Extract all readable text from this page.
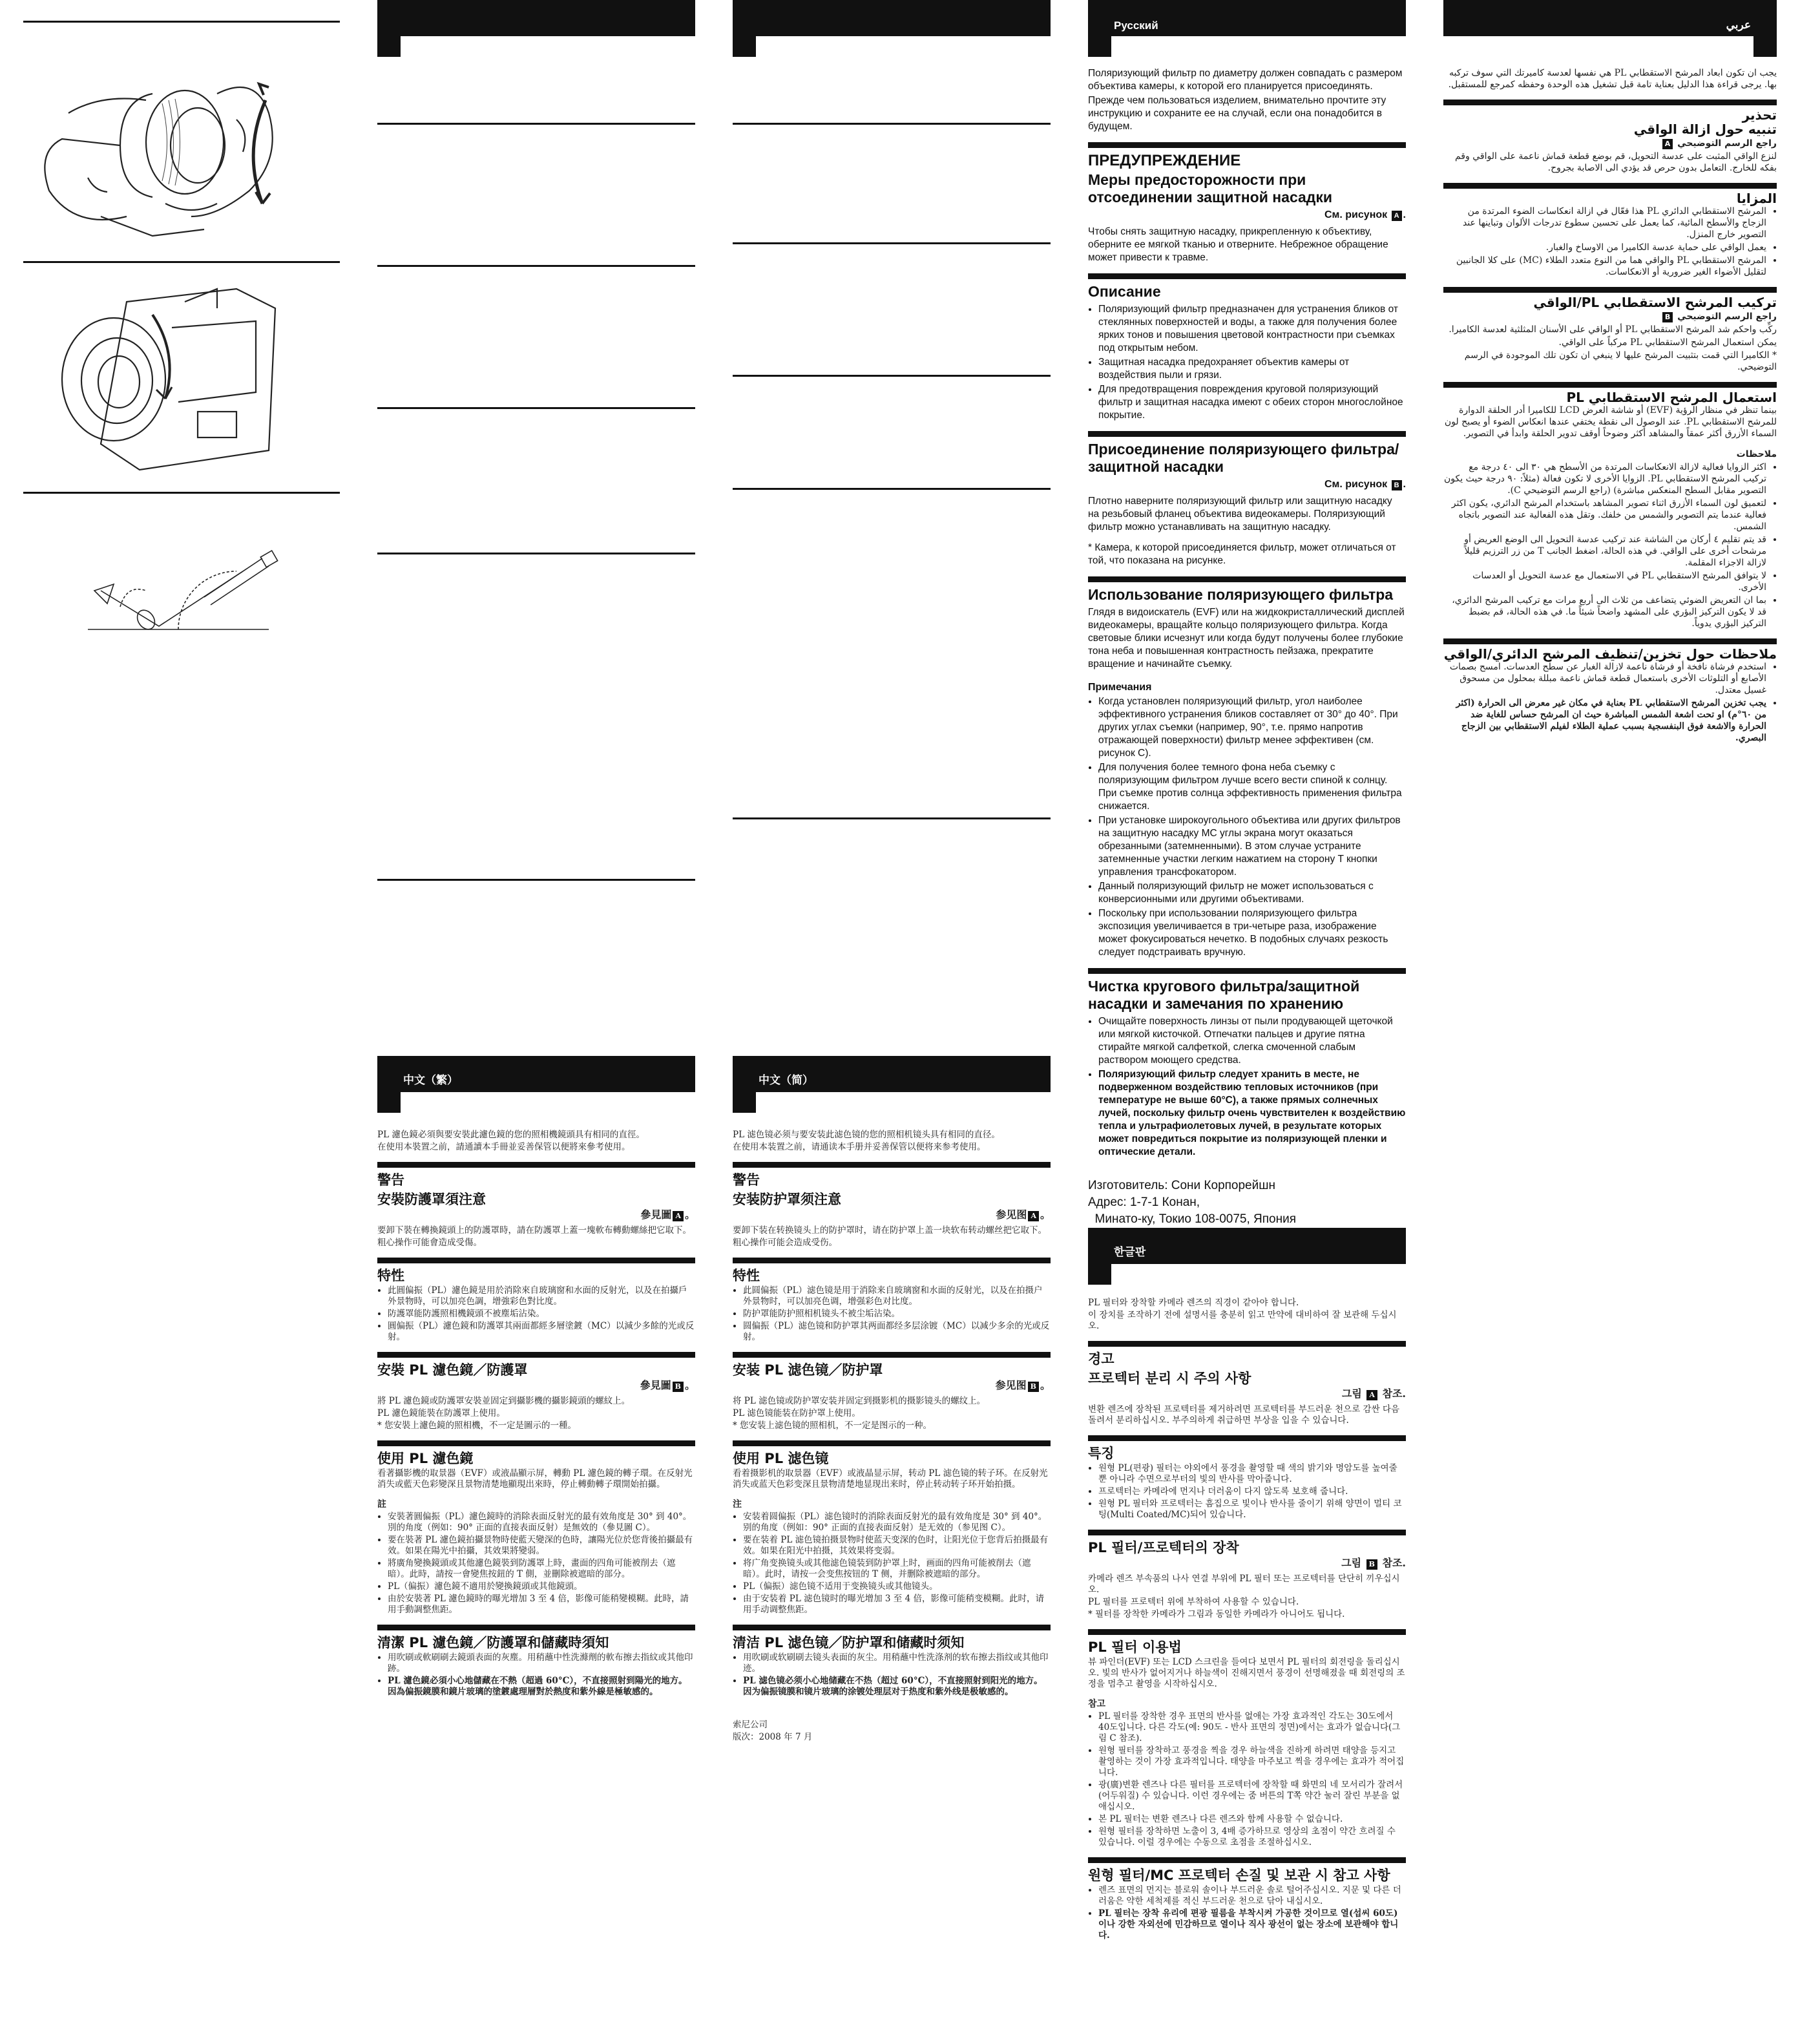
中文（繁）

PL 濾色鏡必須與要安裝此濾色鏡的您的照相機鏡頭具有相同的直徑。

在使用本裝置之前，請通讀本手冊並妥善保管以便將來參考使用。

警告
安裝防護罩須注意
參見圖 A 。

要卸下裝在轉換鏡頭上的防護罩時，請在防護罩上蓋一塊軟布轉動螺絲把它取下。

粗心操作可能會造成受傷。

特性
• 此圓偏振（PL）濾色鏡是用於消除來自玻璃窗和水面的反射光，以及在拍攝戶外景物時，可以加亮色調，增強彩色對比度。
• 防護罩能防護照相機鏡頭不被塵垢沾染。
• 圓偏振（PL）濾色鏡和防護罩其兩面都經多層塗鍍（MC）以減少多餘的光或反射。
安裝 PL 濾色鏡／防護罩
參見圖 B 。

將 PL 濾色鏡或防護罩安裝並固定到攝影機的攝影鏡頭的螺紋上。

PL 濾色鏡能裝在防護罩上使用。

* 您安裝上濾色鏡的照相機，不一定是圖示的一種。

使用 PL 濾色鏡

看著攝影機的取景器（EVF）或液晶顯示屏，轉動 PL 濾色鏡的轉子環。在反射光消失或藍天色彩變深且景物清楚地顯現出來時，停止轉動轉子環開始拍攝。

註
• 安裝著圓偏振（PL）濾色鏡時的消除表面反射光的最有效角度是 30° 到 40°。別的角度（例如：90° 正面的直接表面反射）是無效的（參見圖 C）。
• 要在裝著 PL 濾色鏡拍攝景物時使藍天變深的色時，讓陽光位於您背後拍攝最有效。如果在陽光中拍攝，其效果將變弱。
• 將廣角變換鏡頭或其他濾色鏡裝到防護罩上時，畫面的四角可能被削去（遮暗）。此時，請按一會變焦按鈕的 T 側，並刪除被遮暗的部分。
• PL（偏振）濾色鏡不適用於變換鏡頭或其他鏡頭。
• 由於安裝著 PL 濾色鏡時的曝光增加 3 至 4 倍，影像可能稍變模糊。此時，請用手動調整焦距。
清潔 PL 濾色鏡／防護罩和儲藏時須知
• 用吹刷或軟刷刷去鏡頭表面的灰塵。用稍蘸中性洗滌劑的軟布擦去指紋或其他印跡。
• PL 濾色鏡必須小心地儲藏在不熱（超過 60°C），不直接照射到陽光的地方。因為偏振鏡膜和鏡片玻璃的塗鍍處理層對於熱度和紫外線是極敏感的。
中文（简）

PL 滤色镜必须与要安装此滤色镜的您的照相机镜头具有相同的直径。

在使用本装置之前，请通读本手册并妥善保管以便将来参考使用。

警告
安装防护罩须注意
参见图 A 。

要卸下装在转换镜头上的防护罩时，请在防护罩上盖一块软布转动螺丝把它取下。

粗心操作可能会造成受伤。

特性
• 此圆偏振（PL）滤色镜是用于消除来自玻璃窗和水面的反射光，以及在拍摄户外景物时，可以加亮色调，增强彩色对比度。
• 防护罩能防护照相机镜头不被尘垢沾染。
• 圆偏振（PL）滤色镜和防护罩其两面都经多层涂镀（MC）以减少多余的光或反射。
安装 PL 滤色镜／防护罩
参见图 B 。

将 PL 滤色镜或防护罩安装并固定到摄影机的摄影镜头的螺纹上。

PL 滤色镜能装在防护罩上使用。

* 您安装上滤色镜的照相机，不一定是图示的一种。

使用 PL 滤色镜

看着摄影机的取景器（EVF）或液晶显示屏，转动 PL 滤色镜的转子环。在反射光消失或蓝天色彩变深且景物清楚地显现出来时，停止转动转子环开始拍摄。

注
• 安装着圆偏振（PL）滤色镜时的消除表面反射光的最有效角度是 30° 到 40°。别的角度（例如：90° 正面的直接表面反射）是无效的（参见图 C）。
• 要在装着 PL 滤色镜拍摄景物时使蓝天变深的色时，让阳光位于您背后拍摄最有效。如果在阳光中拍摄，其效果将变弱。
• 将广角变换镜头或其他滤色镜装到防护罩上时，画面的四角可能被削去（遮暗）。此时，请按一会变焦按钮的 T 侧，并删除被遮暗的部分。
• PL（偏振）滤色镜不适用于变换镜头或其他镜头。
• 由于安装着 PL 滤色镜时的曝光增加 3 至 4 倍，影像可能稍变模糊。此时，请用手动调整焦距。
清洁 PL 滤色镜／防护罩和储藏时须知
• 用吹刷或软刷刷去镜头表面的灰尘。用稍蘸中性洗涤剂的软布擦去指纹或其他印迹。
• PL 滤色镜必须小心地储藏在不热（超过 60°C），不直接照射到阳光的地方。因为偏振镜膜和镜片玻璃的涂镀处理层对于热度和紫外线是极敏感的。

索尼公司

版次：2008 年 7 月

Русский

Поляризующий фильтр по диаметру должен совпадать с размером объектива камеры, к которой его планируется присоединять.

Прежде чем пользоваться изделием, внимательно прочтите эту инструкцию и сохраните ее на случай, если она понадобится в будущем.

ПРЕДУПРЕЖДЕНИЕ
Меры предосторожности при отсоединении защитной насадки
См. рисунок A .

Чтобы снять защитную насадку, прикрепленную к объективу, оберните ее мягкой тканью и отверните. Небрежное обращение может привести к травме.

Описание
• Поляризующий фильтр предназначен для устранения бликов от стеклянных поверхностей и воды, а также для получения более ярких тонов и повышения цветовой контрастности при съемках под открытым небом.
• Защитная насадка предохраняет объектив камеры от воздействия пыли и грязи.
• Для предотвращения повреждения круговой поляризующий фильтр и защитная насадка имеют с обеих сторон многослойное покрытие.
Присоединение поляризующего фильтра/защитной насадки
См. рисунок B .

Плотно наверните поляризующий фильтр или защитную насадку на резьбовый фланец объектива видеокамеры. Поляризующий фильтр можно устанавливать на защитную насадку.

* Камера, к которой присоединяется фильтр, может отличаться от той, что показана на рисунке.

Использование поляризующего фильтра

Глядя в видоискатель (EVF) или на жидкокристаллический дисплей видеокамеры, вращайте кольцо поляризующего фильтра. Когда световые блики исчезнут или когда будут получены более глубокие тона неба и повышенная контрастность пейзажа, прекратите вращение и начинайте съемку.

Примечания
• Когда установлен поляризующий фильтр, угол наиболее эффективного устранения бликов составляет от 30° до 40°. При других углах съемки (например, 90°, т.е. прямо напротив отражающей поверхности) фильтр менее эффективен (см. рисунок C).
• Для получения более темного фона неба съемку с поляризующим фильтром лучше всего вести спиной к солнцу. При съемке против солнца эффективность применения фильтра снижается.
• При установке широкоугольного объектива или других фильтров на защитную насадку MC углы экрана могут оказаться обрезанными (затемненными). В этом случае устраните затемненные участки легким нажатием на сторону T кнопки управления трансфокатором.
• Данный поляризующий фильтр не может использоваться с конверсионными или другими объективами.
• Поскольку при использовании поляризующего фильтра экспозиция увеличивается в три-четыре раза, изображение может фокусироваться нечетко. В подобных случаях резкость следует подстраивать вручную.
Чистка кругового фильтра/защитной насадки и замечания по хранению
• Очищайте поверхность линзы от пыли продувающей щеточкой или мягкой кисточкой. Отпечатки пальцев и другие пятна стирайте мягкой салфеткой, слегка смоченной слабым раствором моющего средства.
• Поляризующий фильтр следует хранить в месте, не подверженном воздействию тепловых источников (при температуре не выше 60°C), а также прямых солнечных лучей, поскольку фильтр очень чувствителен к воздействию тепла и ультрафиолетовых лучей, в результате которых может повредиться покрытие из поляризующей пленки и оптические детали.

Изготовитель: Сони Корпорейшн

Адрес: 1-7-1 Конан,

Минато-ку, Токио 108-0075, Япония

한글판

PL 필터와 장착할 카메라 렌즈의 직경이 같아야 합니다.

이 장치를 조작하기 전에 설명서를 충분히 읽고 만약에 대비하여 잘 보관해 두십시오.

경고
프로텍터 분리 시 주의 사항
그림 A 참조.

변환 렌즈에 장착된 프로텍터를 제거하려면 프로텍터를 부드러운 천으로 감싼 다음 돌려서 분리하십시오. 부주의하게 취급하면 부상을 입을 수 있습니다.

특징
• 원형 PL(편광) 필터는 야외에서 풍경을 촬영할 때 색의 밝기와 명암도를 높여줄 뿐 아니라 수면으로부터의 빛의 반사를 막아줍니다.
• 프로텍터는 카메라에 먼지나 더러움이 다지 않도록 보호해 줍니다.
• 원형 PL 필터와 프로텍터는 흠집으로 빛이나 반사를 줄이기 위해 양면이 멀티 코팅(Multi Coated/MC)되어 있습니다.
PL 필터/프로텍터의 장착
그림 B 참조.

카메라 렌즈 부속품의 나사 연결 부위에 PL 필터 또는 프로텍터를 단단히 끼우십시오.

PL 필터를 프로텍터 위에 부착하여 사용할 수 있습니다.

* 필터를 장착한 카메라가 그림과 동일한 카메라가 아니어도 됩니다.

PL 필터 이용법

뷰 파인더(EVF) 또는 LCD 스크린을 들여다 보면서 PL 필터의 회전링을 돌리십시오. 빛의 반사가 없어지거나 하늘색이 진해지면서 풍경이 선명해졌을 때 회전링의 조정을 멈추고 촬영을 시작하십시오.

참고
• PL 필터를 장착한 경우 표면의 반사를 없애는 가장 효과적인 각도는 30도에서 40도입니다. 다른 각도(예: 90도 - 반사 표면의 정면)에서는 효과가 없습니다(그림 C 참조).
• 원형 필터를 장착하고 풍경을 찍을 경우 하늘색을 진하게 하려면 태양을 등지고 촬영하는 것이 가장 효과적입니다. 태양을 마주보고 찍을 경우에는 효과가 적어집니다.
• 광(廣)변환 렌즈나 다른 필터를 프로텍터에 장착할 때 화면의 네 모서리가 잘려서(어두워질) 수 있습니다. 이런 경우에는 줌 버튼의 T쪽 약간 눌러 잘린 부분을 없애십시오.
• 본 PL 필터는 변환 렌즈나 다른 렌즈와 함께 사용할 수 없습니다.
• 원형 필터를 장착하면 노출이 3, 4배 증가하므로 영상의 초점이 약간 흐려질 수 있습니다. 이럴 경우에는 수동으로 초점을 조절하십시오.
원형 필터/MC 프로텍터 손질 및 보관 시 참고 사항
• 렌즈 표면의 먼지는 블로워 솔이나 부드러운 솔로 털어주십시오. 지문 및 다른 더러움은 약한 세척제를 적신 부드러운 천으로 닦아 내십시오.
• PL 필터는 장착 유리에 편광 필름을 부착시켜 가공한 것이므로 열(섭씨 60도)이나 강한 자외선에 민감하므로 열이나 직사 광선이 없는 장소에 보관해야 합니다.
عربي

يجب ان تكون ابعاد المرشح الاستقطابي PL هي نفسها لعدسة كاميرتك التي سوف تركبه بها. يرجى قراءة هذا الدليل بعناية تامة قبل تشغيل هذه الوحدة وحفظه كمرجع للمستقبل.

تحذير
تنبيه حول ازالة الواقي
راجع الرسم التوضيحي A

لنزع الواقي المثبت على عدسة التحويل، قم بوضع قطعة قماش ناعمة على الواقي وقم بفكه للخارج. التعامل بدون حرص قد يؤدي الى الاصابة بجروح.

المزايا
• المرشح الاستقطابي الدائري PL هذا فعّال في ازالة انعكاسات الضوء المرتدة من الزجاج والأسطح المائية، كما يعمل على تحسين سطوع تدرجات الألوان وتباينها عند التصوير خارج المنزل.
• يعمل الواقي على حماية عدسة الكاميرا من الاوساخ والغبار.
• المرشح الاستقطابي PL والواقي هما من النوع متعدد الطلاء (MC) على كلا الجانبين لتقليل الأضواء الغير ضرورية أو الانعكاسات.
تركيب المرشح الاستقطابي PL/الواقي
راجع الرسم التوضيحي B

ركِّب واحكم شد المرشح الاستقطابي PL أو الواقي على الأسنان المثلثية لعدسة الكاميرا.

يمكن استعمال المرشح الاستقطابي PL مركباً على الواقي.

* الكاميرا التي قمت بتثبيت المرشح عليها لا ينبغي ان تكون تلك الموجودة في الرسم التوضيحي.

استعمال المرشح الاستقطابي PL

بينما تنظر في منظار الرؤية (EVF) أو شاشة العرض LCD للكاميرا أدر الحلقة الدوارة للمرشح الاستقطابي PL. عند الوصول الى نقطة يختفي عندها انعكاس الضوء أو يصبح لون السماء الأزرق أكثر عمقاً والمشاهد أكثر وضوحاً أوقف تدوير الحلقة وابدأ في التصوير.

ملاحظات
• اكثر الزوايا فعالية لازالة الانعكاسات المرتدة من الأسطح هي ٣٠ الى ٤٠ درجة مع تركيب المرشح الاستقطابي PL. الزوايا الأخرى لا تكون فعالة (مثلاً: ٩٠ درجة حيث يكون التصوير مقابل السطح المنعكس مباشرة) (راجع الرسم التوضيحي C).
• لتعميق لون السماء الأزرق اثناء تصوير المشاهد باستخدام المرشح الدائري، يكون اكثر فعالية عندما يتم التصوير والشمس من خلفك. وتقل هذه الفعالية عند التصوير باتجاه الشمس.
• قد يتم تقليم ٤ أركان من الشاشة عند تركيب عدسة التحويل الى الوضع العريض أو مرشحات أخرى على الواقي. في هذه الحالة، اضغط الجانب T من زر الترزيم قليلاً لازالة الاجزاء المقلمة.
• لا يتوافق المرشح الاستقطابي PL في الاستعمال مع عدسة التحويل أو العدسات الأخرى.
• بما ان التعريض الضوئي يتضاعف من ثلاث الى أربع مرات مع تركيب المرشح الدائري، قد لا يكون التركيز البؤري على المشهد واضحاً شيئاً ما. في هذه الحالة، قم بضبط التركيز البؤري يدوياً.
ملاحظات حول تخزين/تنظيف المرشح الدائري/الواقي
• استخدم فرشاة نافخة أو فرشاة ناعمة لازالة الغبار عن سطح العدسات. امسح بصمات الأصابع أو التلوثات الأخرى باستعمال قطعة قماش ناعمة مبللة بمحلول من مسحوق غسيل معتدل.
• يجب تخزين المرشح الاستقطابي PL بعناية في مكان غير معرض الى الحرارة (اكثر من ٦٠°م) او تحت اشعة الشمس المباشرة حيث ان المرشح حساس للغاية ضد الحرارة والاشعة فوق البنفسجية بسبب عملية الطلاء لفيلم الاستقطابي بين الزجاج البصري.
